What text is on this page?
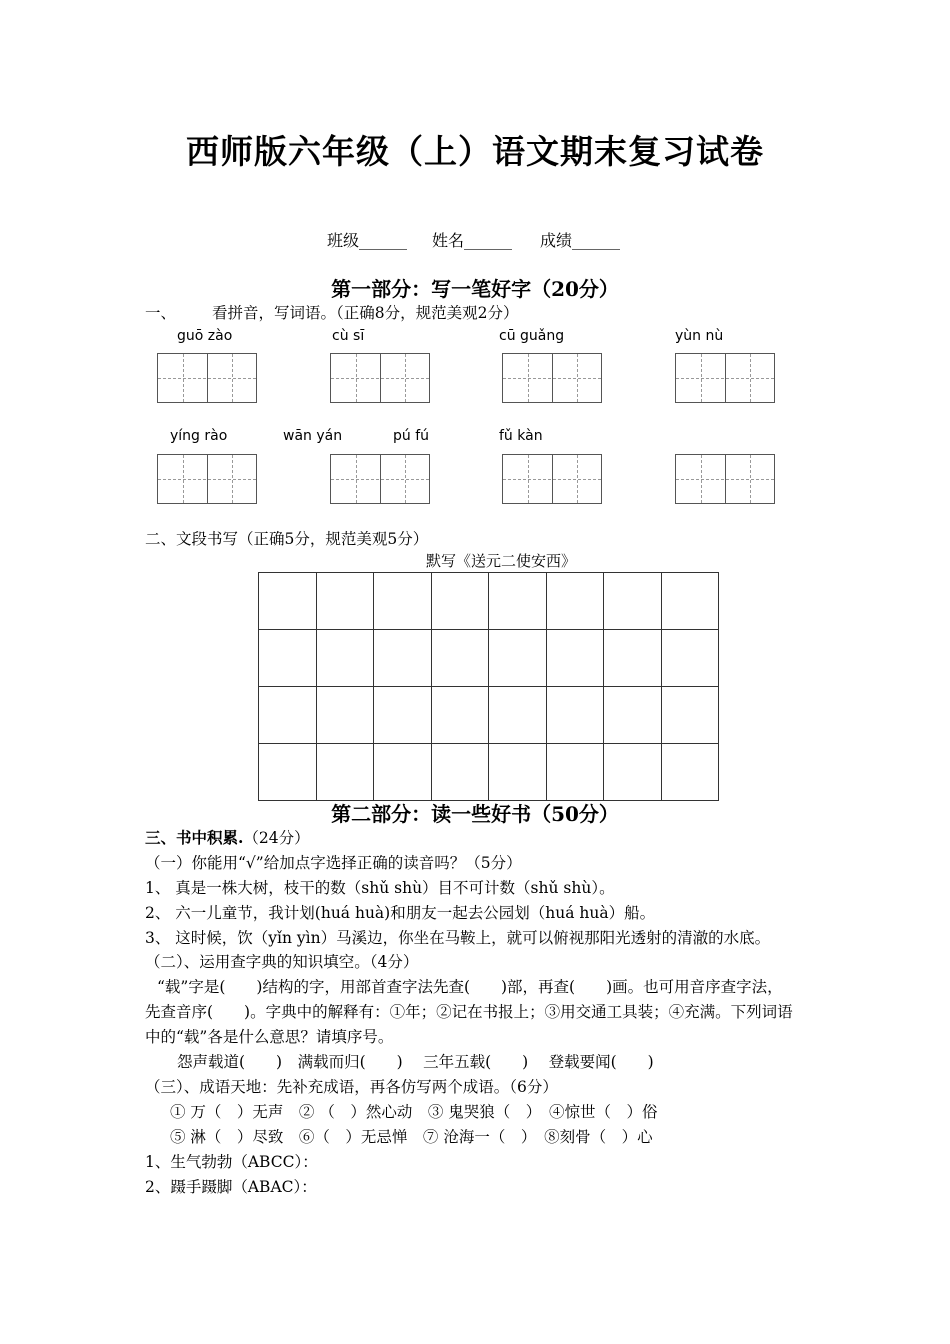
西师版六年级（上）语文期末复习试卷
班级______ 姓名______ 成绩______
第一部分：写一笔好字（20分）
一、 看拼音，写词语。（正确8分，规范美观2分）
guō zào	cù sī	cū guǎng	yùn nù
yíng rào	wān yán	pú fú	fǔ kàn
二、文段书写（正确5分，规范美观5分）
默写《送元二使安西》

第二部分：读一些好书（50分）
三、书中积累.（24分）
（一）你能用“√”给加点字选择正确的读音吗？（5分）
1、 真是一株大树，枝干的数（shǔ shù）目不可计数（shǔ shù）。
2、 六一儿童节，我计划(huá huà)和朋友一起去公园划（huá huà）船。
3、 这时候，饮（yǐn yìn）马溪边，你坐在马鞍上，就可以俯视那阳光透射的清澈的水底。
（二）、运用查字典的知识填空。（4分）
“载”字是(　　)结构的字，用部首查字法先查(　　)部，再查(　　)画。也可用音序查字法，
先查音序(　　)。字典中的解释有：①年；②记在书报上；③用交通工具装；④充满。下列词语
中的“载”各是什么意思？请填序号。
怨声载道(　　)　满载而归(　　)　 三年五载(　　)　 登载要闻(　　)
（三）、成语天地：先补充成语，再各仿写两个成语。（6分）
① 万（　）无声　② （　）然心动　③ 鬼哭狼（　）　④惊世（　）俗
⑤ 淋（　）尽致　⑥（　）无忌惮　⑦ 沧海一（　）　⑧刻骨（　）心
1、生气勃勃（ABCC）：
2、蹑手蹑脚（ABAC）：
